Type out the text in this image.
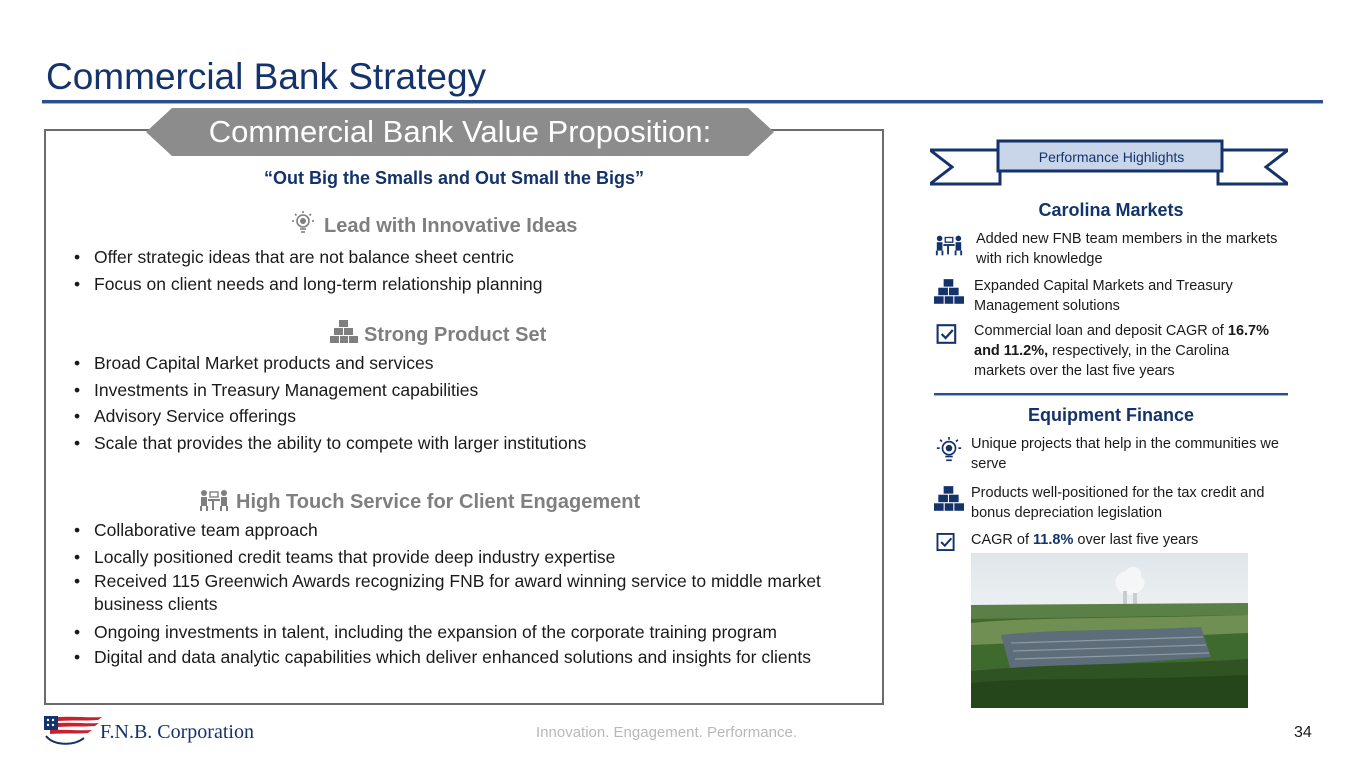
Commercial Bank Strategy
Commercial Bank Value Proposition:
“Out Big the Smalls and Out Small the Bigs”
Lead with Innovative Ideas
• Offer strategic ideas that are not balance sheet centric
• Focus on client needs and long-term relationship planning
Strong Product Set
• Broad Capital Market products and services
• Investments in Treasury Management capabilities
• Advisory Service offerings
• Scale that provides the ability to compete with larger institutions
High Touch Service for Client Engagement
• Collaborative team approach
• Locally positioned credit teams that provide deep industry expertise
• Received 115 Greenwich Awards recognizing FNB for award winning service to middle market business clients
• Ongoing investments in talent, including the expansion of the corporate training program
• Digital and data analytic capabilities which deliver enhanced solutions and insights for clients
Performance Highlights
Carolina Markets
Added new FNB team members in the markets with rich knowledge
Expanded Capital Markets and Treasury Management solutions
Commercial loan and deposit CAGR of 16.7% and 11.2%, respectively, in the Carolina markets over the last five years
Equipment Finance
Unique projects that help in the communities we serve
Products well-positioned for the tax credit and bonus depreciation legislation
CAGR of 11.8% over last five years
F.N.B. Corporation	Innovation. Engagement. Performance.	34
